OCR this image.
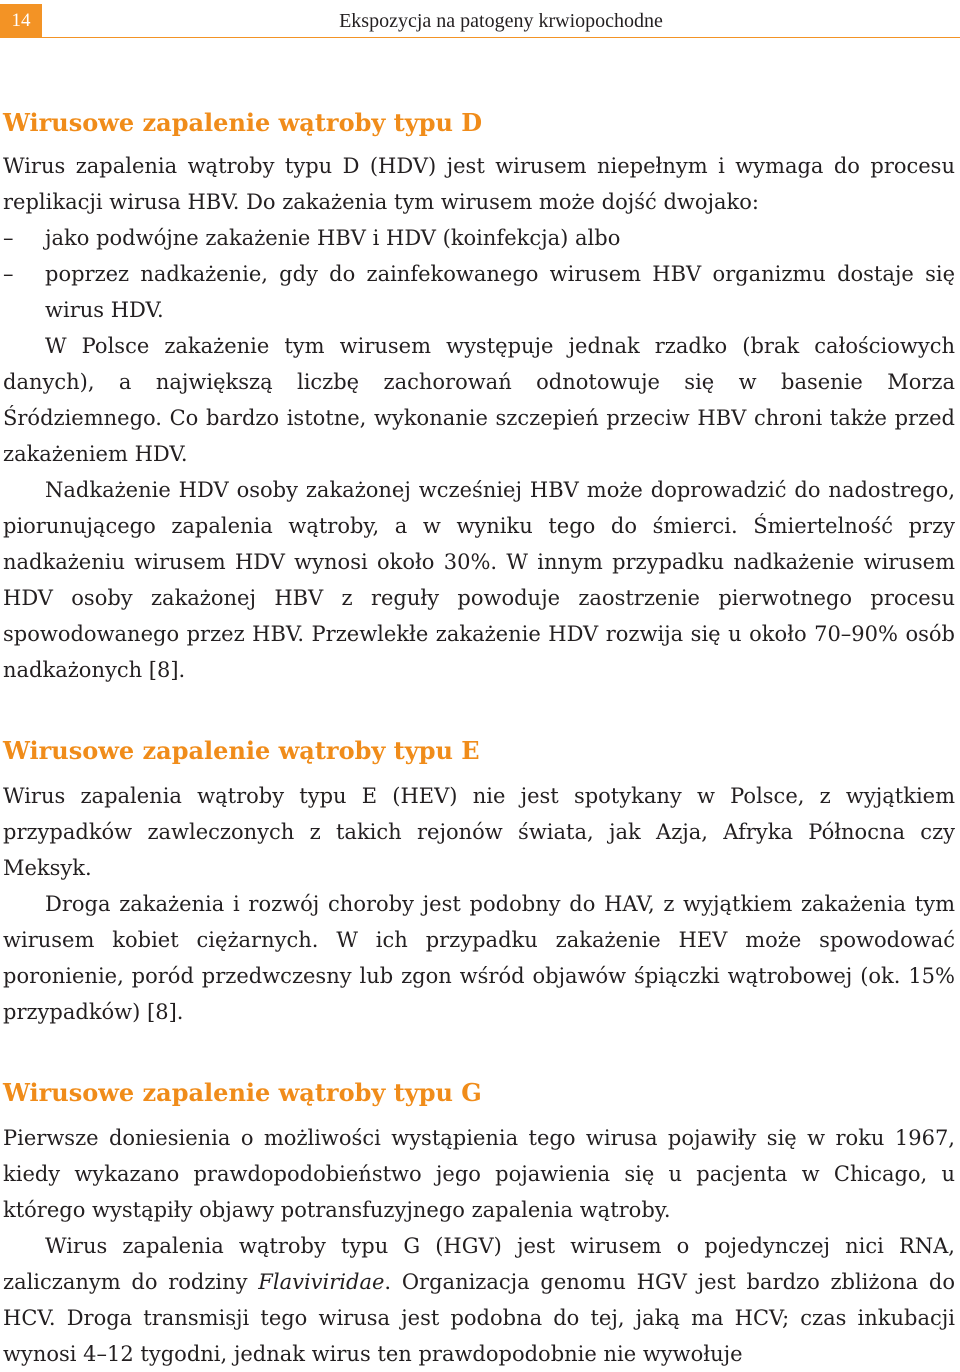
14	Ekspozycja na patogeny krwiopochodne
Wirusowe zapalenie wątroby typu D

Wirus zapalenia wątroby typu D (HDV) jest wirusem niepełnym i wymaga do procesu replikacji wirusa HBV. Do zakażenia tym wirusem może dojść dwojako:

– jako podwójne zakażenie HBV i HDV (koinfekcja) albo
– poprzez nadkażenie, gdy do zainfekowanego wirusem HBV organizmu dostaje się wirus HDV.

W Polsce zakażenie tym wirusem występuje jednak rzadko (brak całościowych danych), a największą liczbę zachorowań odnotowuje się w basenie Morza Śródziemnego. Co bardzo istotne, wykonanie szczepień przeciw HBV chroni także przed zakażeniem HDV.

Nadkażenie HDV osoby zakażonej wcześniej HBV może doprowadzić do nadostrego, piorunującego zapalenia wątroby, a w wyniku tego do śmierci. Śmiertelność przy nadkażeniu wirusem HDV wynosi około 30%. W innym przypadku nadkażenie wirusem HDV osoby zakażonej HBV z reguły powoduje zaostrzenie pierwotnego procesu spowodowanego przez HBV. Przewlekłe zakażenie HDV rozwija się u około 70–90% osób nadkażonych [8].

Wirusowe zapalenie wątroby typu E

Wirus zapalenia wątroby typu E (HEV) nie jest spotykany w Polsce, z wyjątkiem przypadków zawleczonych z takich rejonów świata, jak Azja, Afryka Północna czy Meksyk.

Droga zakażenia i rozwój choroby jest podobny do HAV, z wyjątkiem zakażenia tym wirusem kobiet ciężarnych. W ich przypadku zakażenie HEV może spowodować poronienie, poród przedwczesny lub zgon wśród objawów śpiączki wątrobowej (ok. 15% przypadków) [8].

Wirusowe zapalenie wątroby typu G

Pierwsze doniesienia o możliwości wystąpienia tego wirusa pojawiły się w roku 1967, kiedy wykazano prawdopodobieństwo jego pojawienia się u pacjenta w Chicago, u którego wystąpiły objawy potransfuzyjnego zapalenia wątroby.

Wirus zapalenia wątroby typu G (HGV) jest wirusem o pojedynczej nici RNA, zaliczanym do rodziny Flaviviridae. Organizacja genomu HGV jest bardzo zbliżona do HCV. Droga transmisji tego wirusa jest podobna do tej, jaką ma HCV; czas inkubacji wynosi 4–12 tygodni, jednak wirus ten prawdopodobnie nie wywołuje
